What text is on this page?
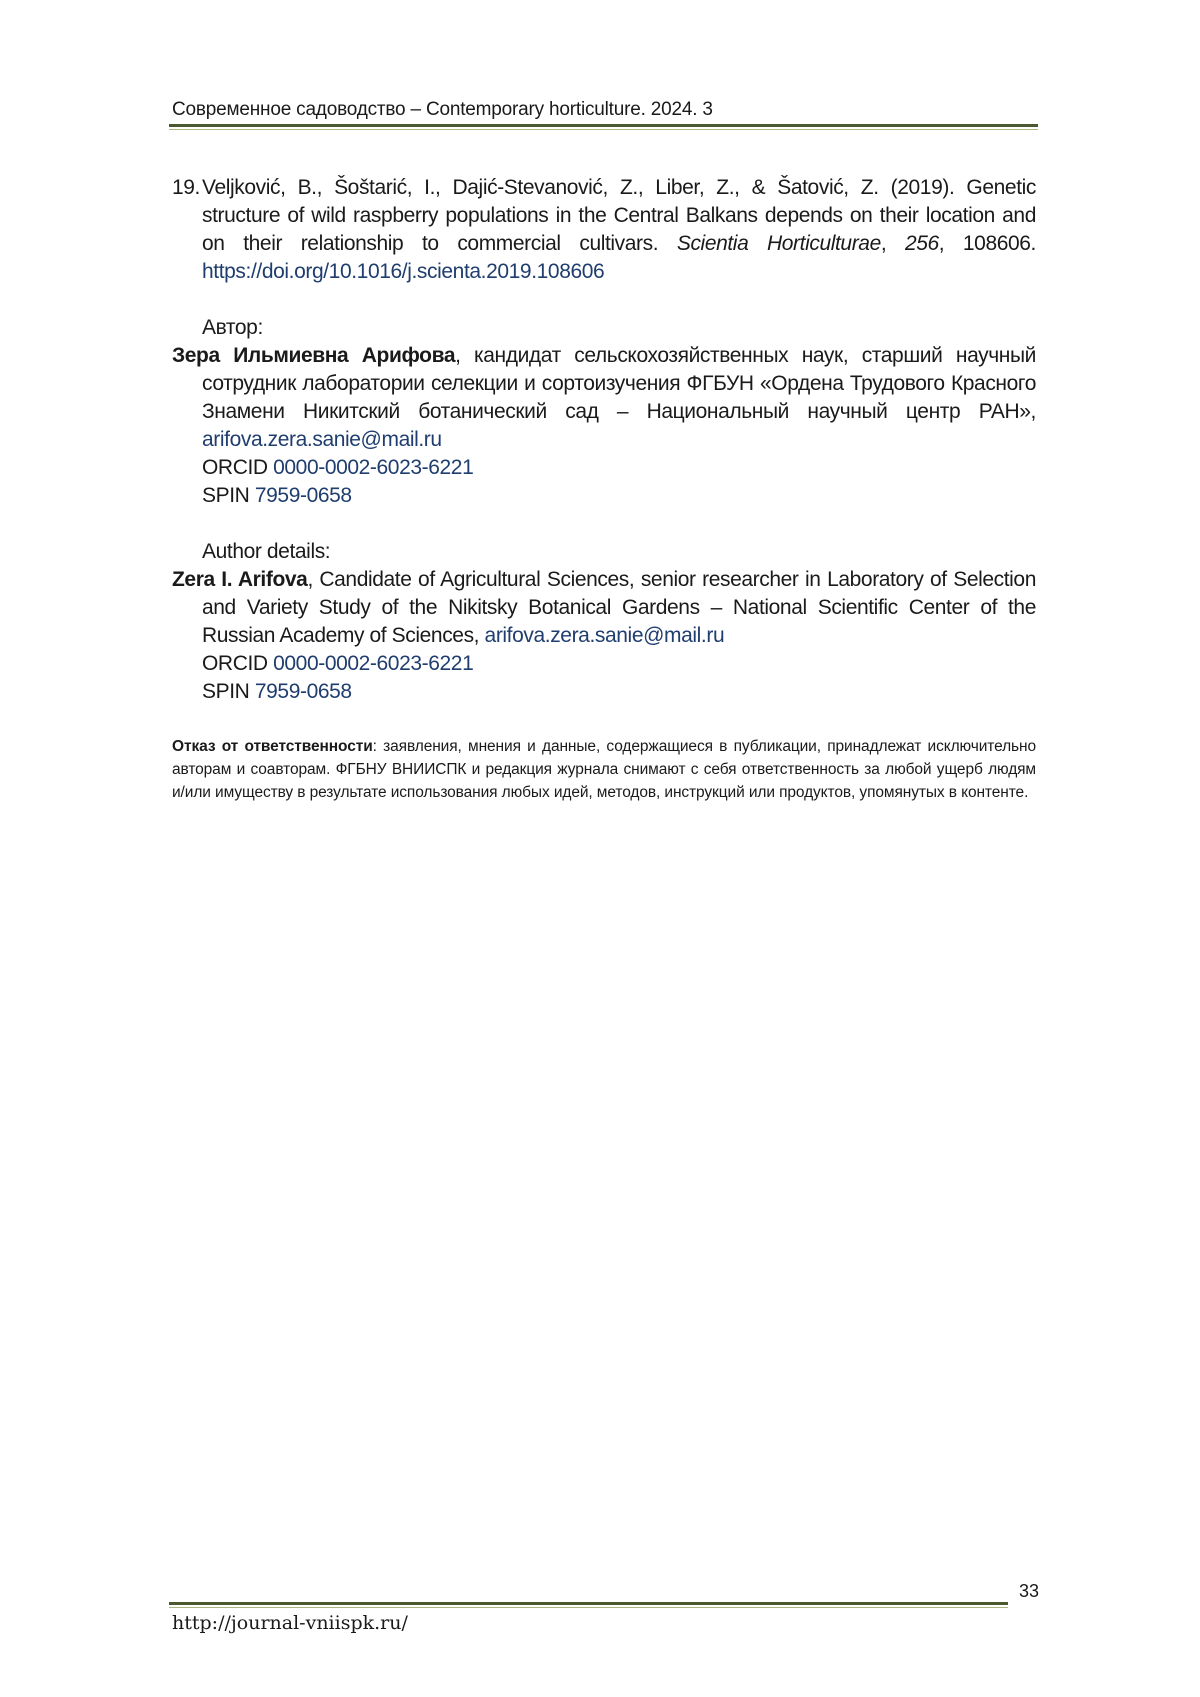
Современное садоводство – Contemporary horticulture. 2024. 3
19. Veljković, B., Šoštarić, I., Dajić-Stevanović, Z., Liber, Z., & Šatović, Z. (2019). Genetic structure of wild raspberry populations in the Central Balkans depends on their location and on their relationship to commercial cultivars. Scientia Horticulturae, 256, 108606. https://doi.org/10.1016/j.scienta.2019.108606
Автор:
Зера Ильмиевна Арифова, кандидат сельскохозяйственных наук, старший научный сотрудник лаборатории селекции и сортоизучения ФГБУН «Ордена Трудового Красного Знамени Никитский ботанический сад – Национальный научный центр РАН», arifova.zera.sanie@mail.ru
ORCID 0000-0002-6023-6221
SPIN 7959-0658
Author details:
Zera I. Arifova, Candidate of Agricultural Sciences, senior researcher in Laboratory of Selection and Variety Study of the Nikitsky Botanical Gardens – National Scientific Center of the Russian Academy of Sciences, arifova.zera.sanie@mail.ru
ORCID 0000-0002-6023-6221
SPIN 7959-0658
Отказ от ответственности: заявления, мнения и данные, содержащиеся в публикации, принадлежат исключительно авторам и соавторам. ФГБНУ ВНИИСПК и редакция журнала снимают с себя ответственность за любой ущерб людям и/или имуществу в результате использования любых идей, методов, инструкций или продуктов, упомянутых в контенте.
33
http://journal-vniispk.ru/
